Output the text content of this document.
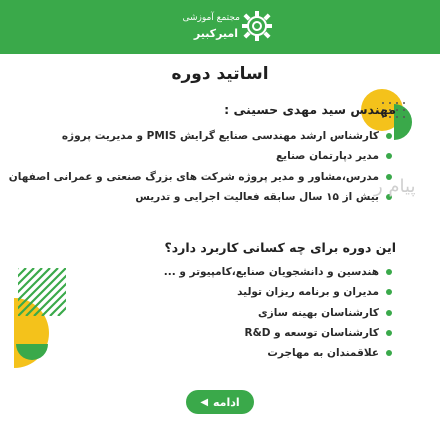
مجتمع آموزشی
امیرکبیر
اساتید دوره
مهندس سید مهدی حسینی :
کارشناس ارشد مهندسی صنایع گرایش PMIS و مدیریت پروژه
مدیر دپارتمان صنایع
مدرس،مشاور و مدیر پروژه شرکت های بزرگ صنعتی و عمرانی اصفهان
بیش از ۱۵ سال سابقه فعالیت اجرایی و تدریس
پیام ر
این دوره برای چه کسانی کاربرد دارد؟
هندسین و دانشجویان صنایع،کامپیوتر و ...
مدیران و برنامه ریزان تولید
کارشناسان بهینه سازی
کارشناسان توسعه و R&D
علاقمندان به مهاجرت
ادامه
◀
